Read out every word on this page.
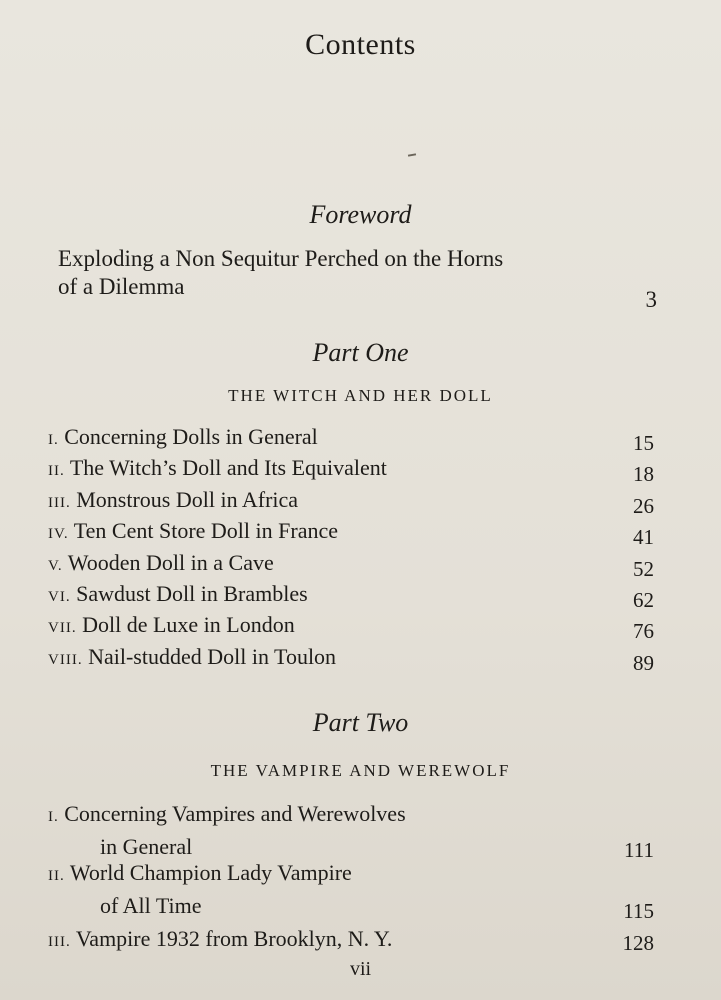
Contents
Foreword
Exploding a Non Sequitur Perched on the Horns
of a Dilemma
3
Part One
THE WITCH AND HER DOLL
I. Concerning Dolls in General	15
II. The Witch’s Doll and Its Equivalent	18
III. Monstrous Doll in Africa	26
IV. Ten Cent Store Doll in France	41
V. Wooden Doll in a Cave	52
VI. Sawdust Doll in Brambles	62
VII. Doll de Luxe in London	76
VIII. Nail-studded Doll in Toulon	89
Part Two
THE VAMPIRE AND WEREWOLF
I. Concerning Vampires and Werewolves
in General	111
II. World Champion Lady Vampire
of All Time	115
III. Vampire 1932 from Brooklyn, N. Y.	128
vii
